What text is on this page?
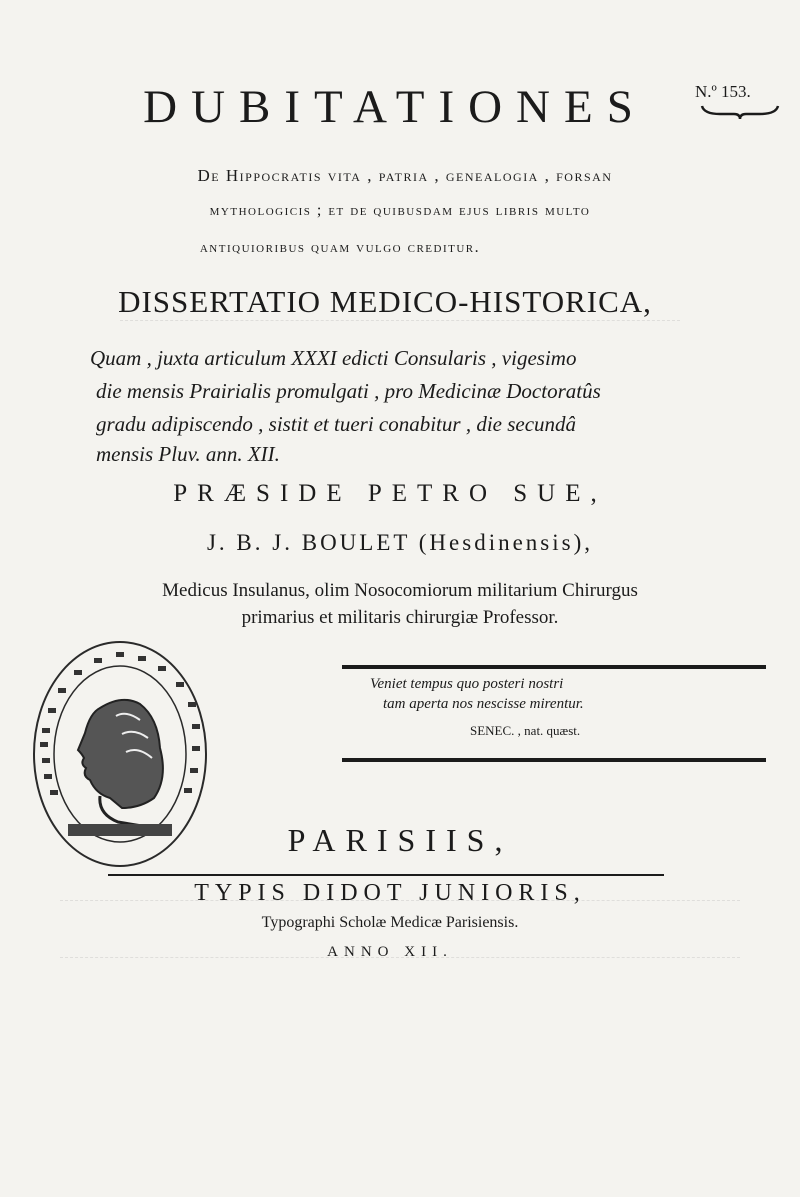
DUBITATIONES	N.º 153.
De Hippocratis vita , patria , genealogia , forsan
mythologicis ; et de quibusdam ejus libris multo
antiquioribus quam vulgo creditur.
DISSERTATIO MEDICO-HISTORICA,
Quam , juxta articulum XXXI edicti Consularis , vigesimo
die mensis Prairialis promulgati , pro Medicinæ Doctoratûs
gradu adipiscendo , sistit et tueri conabitur , die secundâ
mensis Pluv. ann. XII.
PRÆSIDE PETRO SUE,
J. B. J. BOULET (Hesdinensis),
Medicus Insulanus, olim Nosocomiorum militarium Chirurgus
primarius et militaris chirurgiæ Professor.
Veniet tempus quo posteri nostri
tam aperta nos nescisse mirentur.
SENEC. , nat. quæst.
PARISIIS,
TYPIS DIDOT JUNIORIS,
Typographi Scholæ Medicæ Parisiensis.
ANNO XII.
